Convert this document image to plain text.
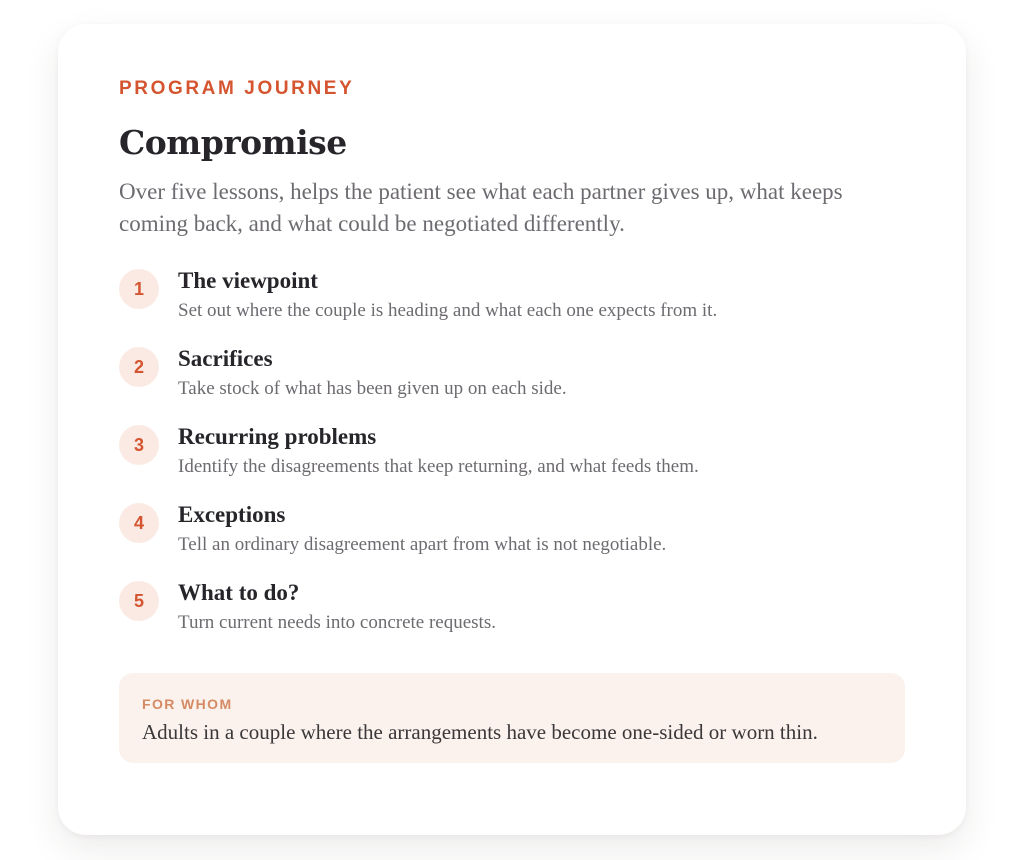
PROGRAM JOURNEY

Compromise

Over five lessons, helps the patient see what each partner gives up, what keeps coming back, and what could be negotiated differently.

1	The viewpoint

Set out where the couple is heading and what each one expects from it.

2	Sacrifices

Take stock of what has been given up on each side.

3	Recurring problems

Identify the disagreements that keep returning, and what feeds them.

4	Exceptions

Tell an ordinary disagreement apart from what is not negotiable.

5	What to do?

Turn current needs into concrete requests.

FOR WHOM

Adults in a couple where the arrangements have become one-sided or worn thin.
